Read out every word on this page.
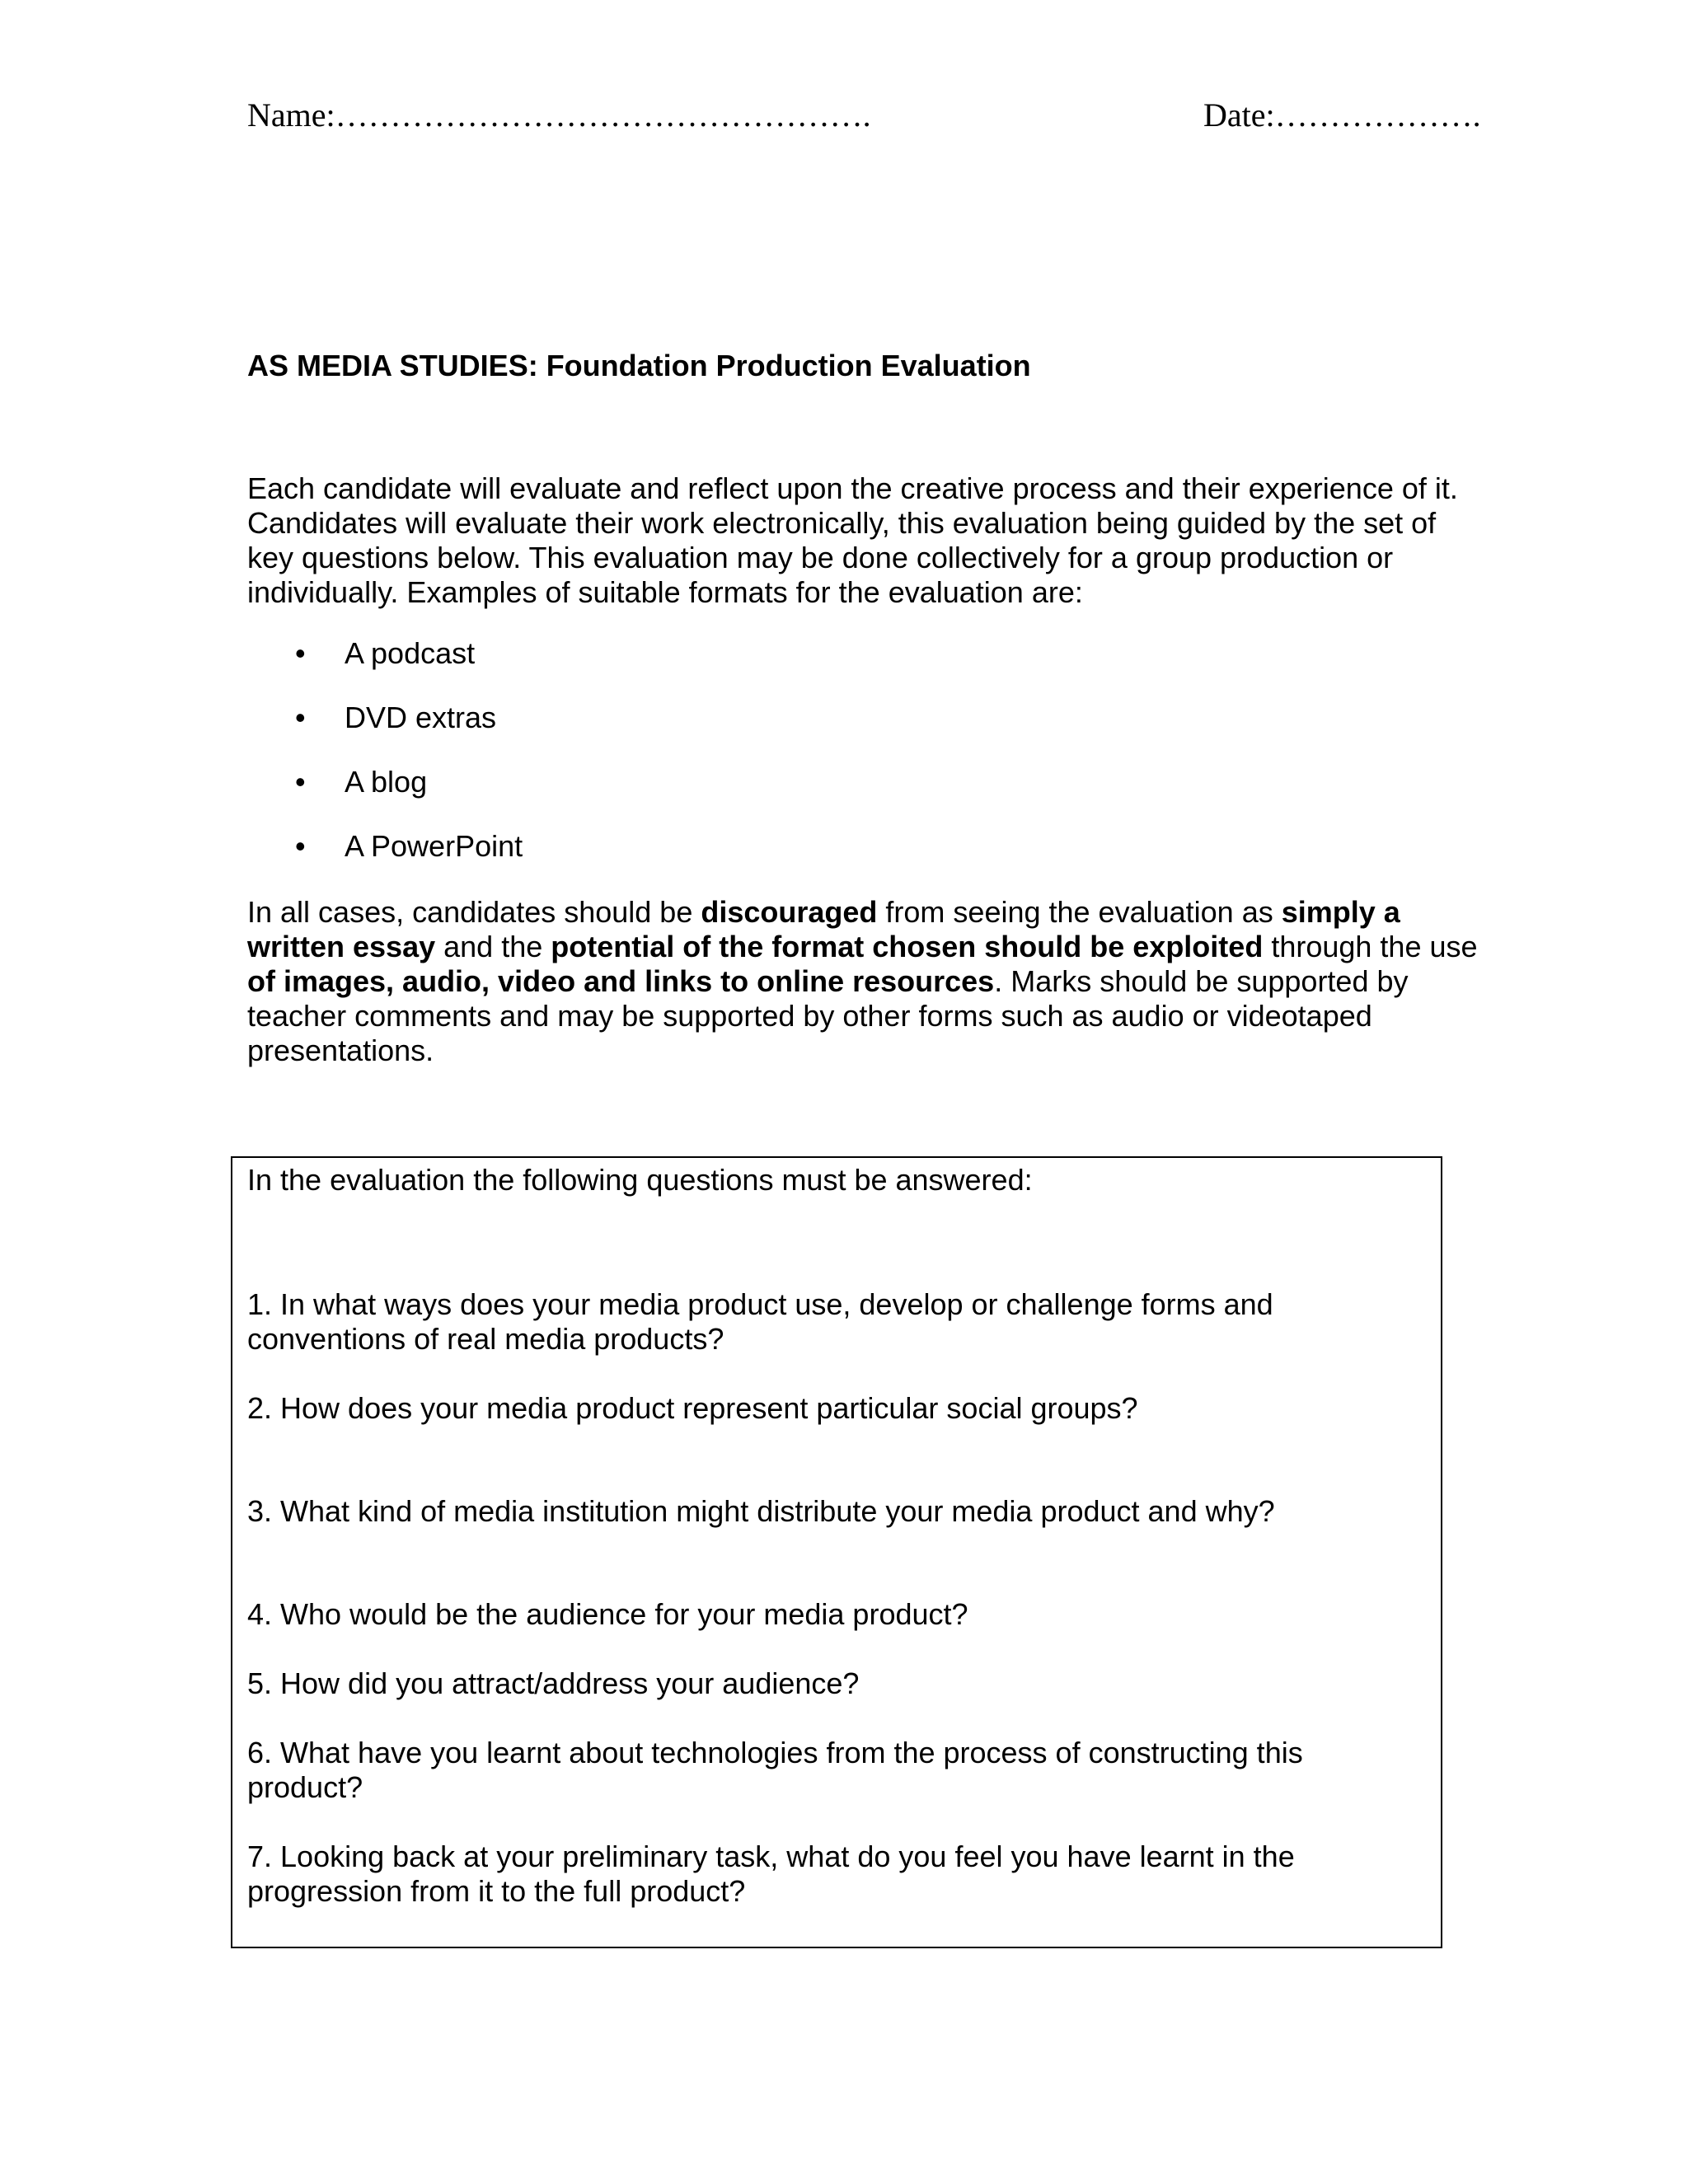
Name:………………………………………….	Date:……………….
AS MEDIA STUDIES: Foundation Production Evaluation

Each candidate will evaluate and reflect upon the creative process and their experience of it. Candidates will evaluate their work electronically, this evaluation being guided by the set of key questions below. This evaluation may be done collectively for a group production or individually. Examples of suitable formats for the evaluation are:

• A podcast
• DVD extras
• A blog
• A PowerPoint

In all cases, candidates should be discouraged from seeing the evaluation as simply a written essay and the potential of the format chosen should be exploited through the use of images, audio, video and links to online resources. Marks should be supported by teacher comments and may be supported by other forms such as audio or videotaped presentations.

In the evaluation the following questions must be answered:

1. In what ways does your media product use, develop or challenge forms and conventions of real media products?

2. How does your media product represent particular social groups?

3. What kind of media institution might distribute your media product and why?

4. Who would be the audience for your media product?

5. How did you attract/address your audience?

6. What have you learnt about technologies from the process of constructing this product?

7. Looking back at your preliminary task, what do you feel you have learnt in the progression from it to the full product?
